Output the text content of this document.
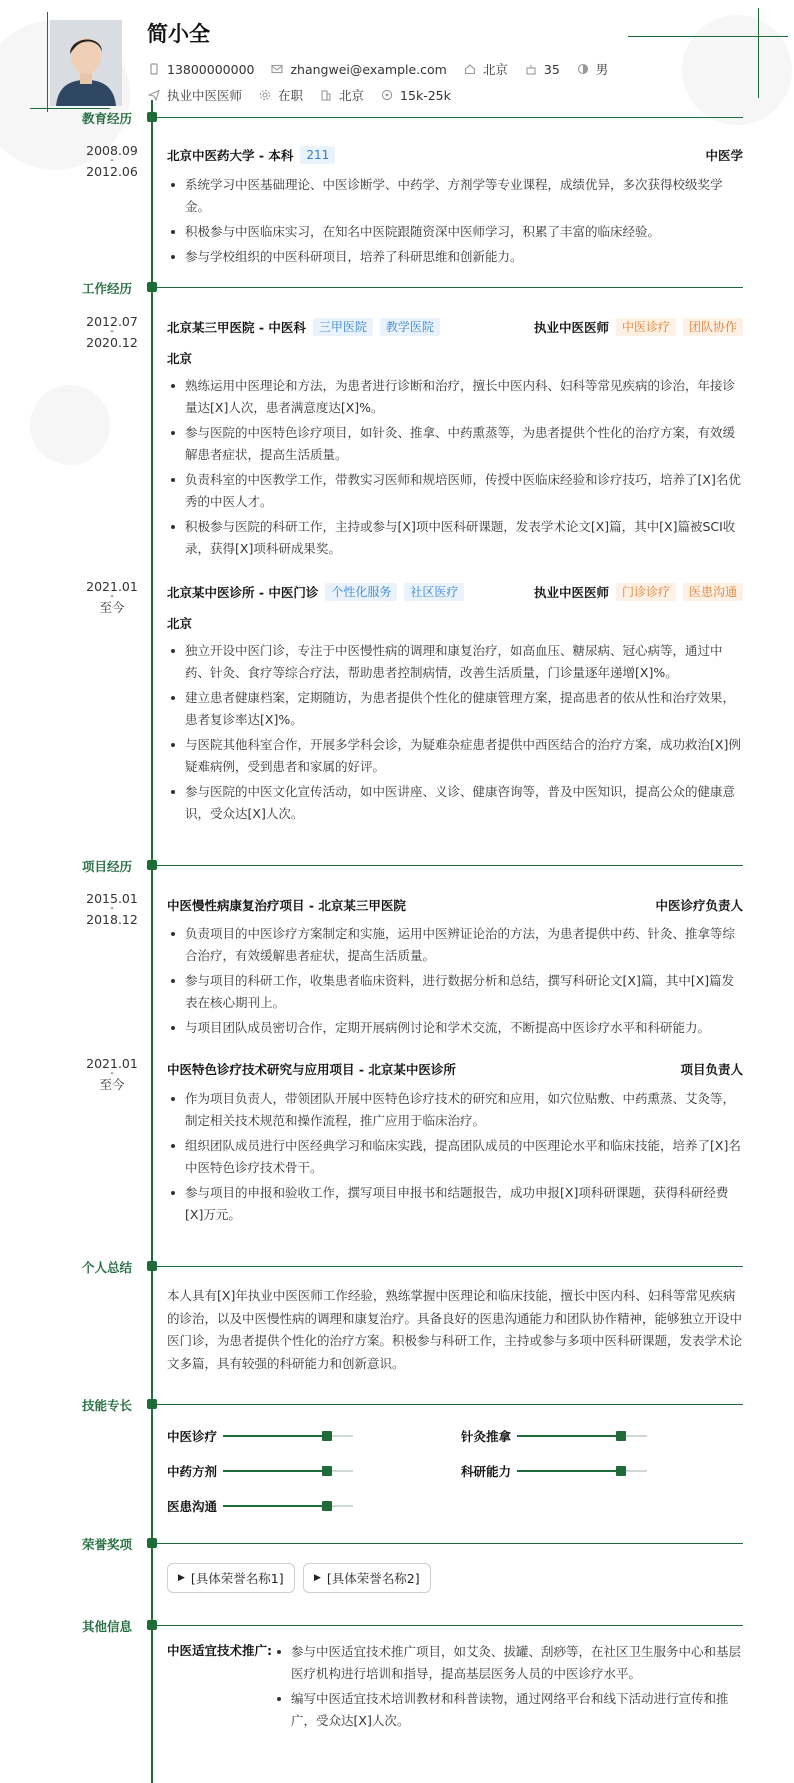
简小全
13800000000	zhangwei@example.com	北京	35	男
执业中医医师	在职	北京	15k-25k
教育经历
2008.09
-
2012.06
北京中医药大学 - 本科	211	中医学
系统学习中医基础理论、中医诊断学、中药学、方剂学等专业课程，成绩优异，多次获得校级奖学金。
积极参与中医临床实习，在知名中医院跟随资深中医师学习，积累了丰富的临床经验。
参与学校组织的中医科研项目，培养了科研思维和创新能力。
工作经历
2012.07
-
2020.12
北京某三甲医院 - 中医科	三甲医院	教学医院	执业中医医师	中医诊疗	团队协作
北京
熟练运用中医理论和方法，为患者进行诊断和治疗，擅长中医内科、妇科等常见疾病的诊治，年接诊量达[X]人次，患者满意度达[X]%。
参与医院的中医特色诊疗项目，如针灸、推拿、中药熏蒸等，为患者提供个性化的治疗方案，有效缓解患者症状，提高生活质量。
负责科室的中医教学工作，带教实习医师和规培医师，传授中医临床经验和诊疗技巧，培养了[X]名优秀的中医人才。
积极参与医院的科研工作，主持或参与[X]项中医科研课题，发表学术论文[X]篇，其中[X]篇被SCI收录，获得[X]项科研成果奖。
2021.01
-
至今
北京某中医诊所 - 中医门诊	个性化服务	社区医疗	执业中医医师	门诊诊疗	医患沟通
北京
独立开设中医门诊，专注于中医慢性病的调理和康复治疗，如高血压、糖尿病、冠心病等，通过中药、针灸、食疗等综合疗法，帮助患者控制病情，改善生活质量，门诊量逐年递增[X]%。
建立患者健康档案，定期随访，为患者提供个性化的健康管理方案，提高患者的依从性和治疗效果，患者复诊率达[X]%。
与医院其他科室合作，开展多学科会诊，为疑难杂症患者提供中西医结合的治疗方案，成功救治[X]例疑难病例，受到患者和家属的好评。
参与医院的中医文化宣传活动，如中医讲座、义诊、健康咨询等，普及中医知识，提高公众的健康意识，受众达[X]人次。
项目经历
2015.01
-
2018.12
中医慢性病康复治疗项目 - 北京某三甲医院	中医诊疗负责人
负责项目的中医诊疗方案制定和实施，运用中医辨证论治的方法，为患者提供中药、针灸、推拿等综合治疗，有效缓解患者症状，提高生活质量。
参与项目的科研工作，收集患者临床资料，进行数据分析和总结，撰写科研论文[X]篇，其中[X]篇发表在核心期刊上。
与项目团队成员密切合作，定期开展病例讨论和学术交流，不断提高中医诊疗水平和科研能力。
2021.01
-
至今
中医特色诊疗技术研究与应用项目 - 北京某中医诊所	项目负责人
作为项目负责人，带领团队开展中医特色诊疗技术的研究和应用，如穴位贴敷、中药熏蒸、艾灸等，制定相关技术规范和操作流程，推广应用于临床治疗。
组织团队成员进行中医经典学习和临床实践，提高团队成员的中医理论水平和临床技能，培养了[X]名中医特色诊疗技术骨干。
参与项目的申报和验收工作，撰写项目申报书和结题报告，成功申报[X]项科研课题，获得科研经费[X]万元。
个人总结
本人具有[X]年执业中医医师工作经验，熟练掌握中医理论和临床技能，擅长中医内科、妇科等常见疾病的诊治，以及中医慢性病的调理和康复治疗。具备良好的医患沟通能力和团队协作精神，能够独立开设中医门诊，为患者提供个性化的治疗方案。积极参与科研工作，主持或参与多项中医科研课题，发表学术论文多篇，具有较强的科研能力和创新意识。
技能专长
中医诊疗	针灸推拿
中药方剂	科研能力
医患沟通
荣誉奖项
▶ [具体荣誉名称1]	▶ [具体荣誉名称2]
其他信息
中医适宜技术推广:	参与中医适宜技术推广项目，如艾灸、拔罐、刮痧等，在社区卫生服务中心和基层医疗机构进行培训和指导，提高基层医务人员的中医诊疗水平。
编写中医适宜技术培训教材和科普读物，通过网络平台和线下活动进行宣传和推广，受众达[X]人次。
